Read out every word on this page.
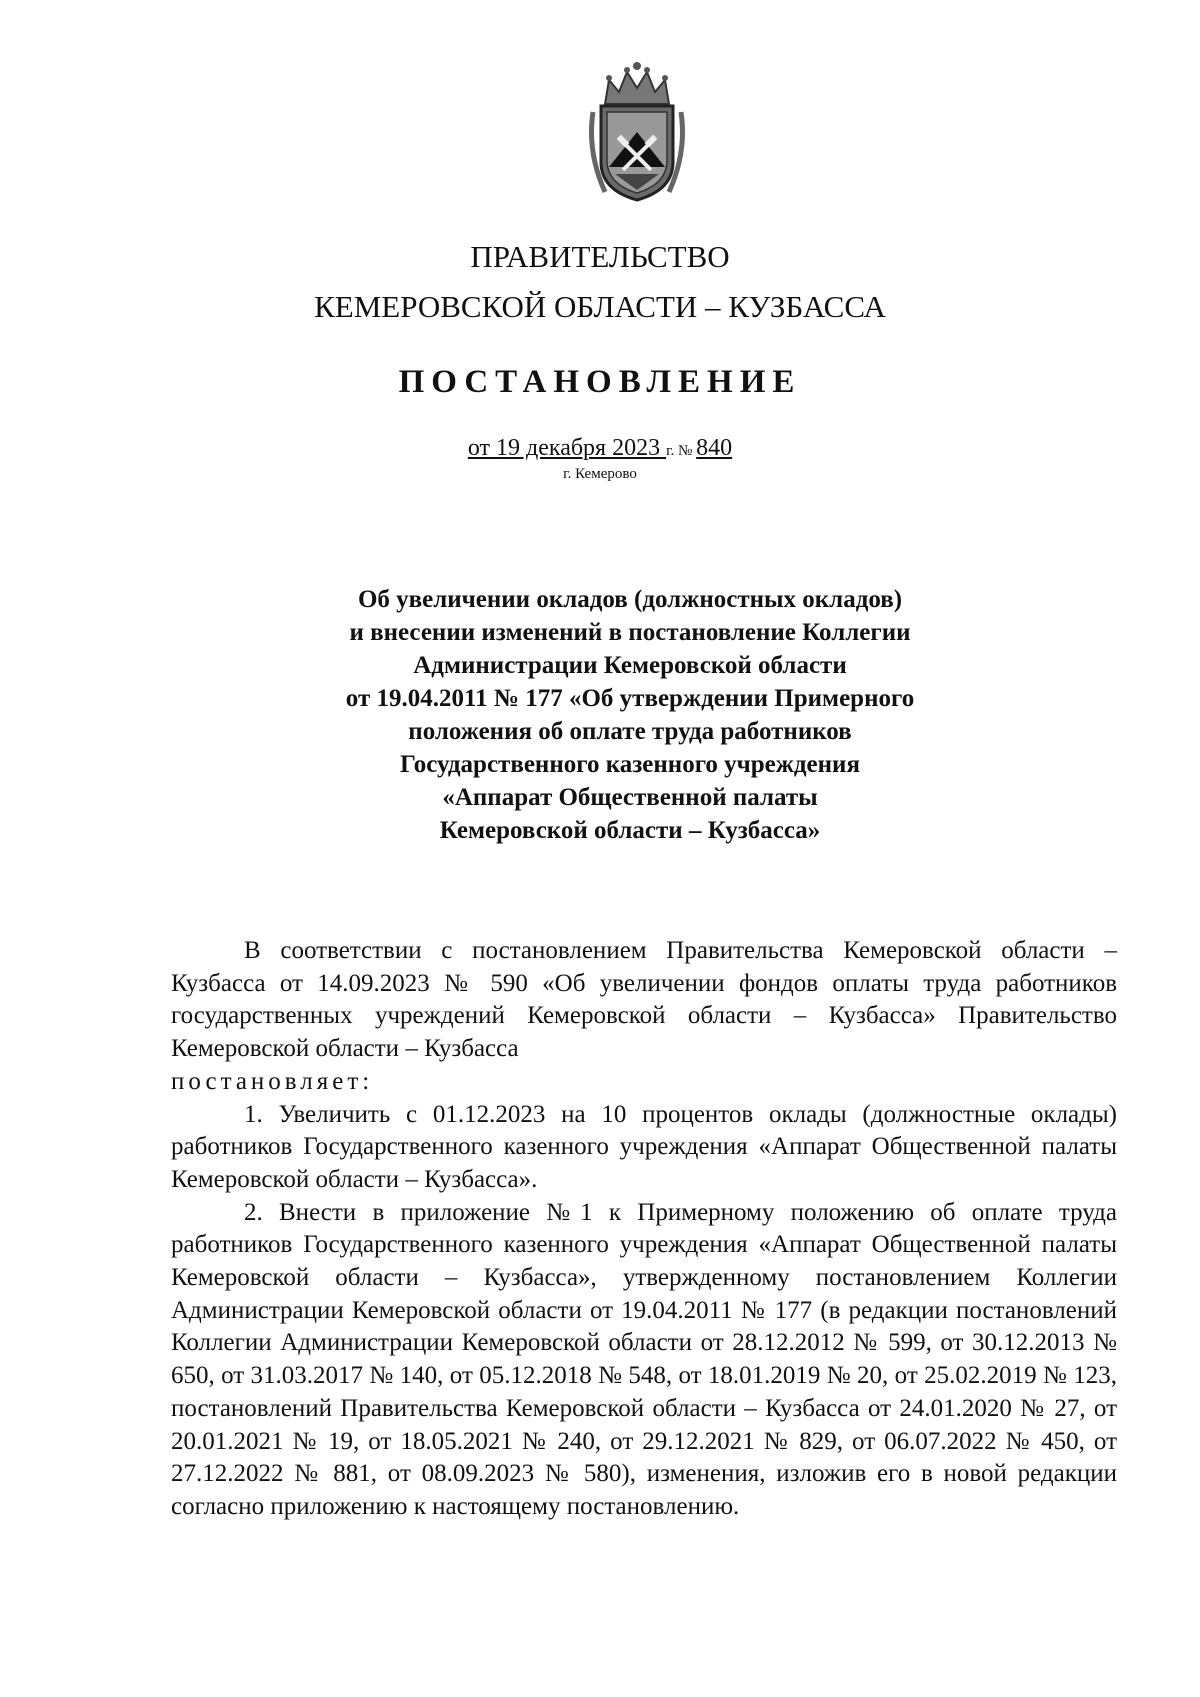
ПРАВИТЕЛЬСТВО
КЕМЕРОВСКОЙ ОБЛАСТИ – КУЗБАССА
ПОСТАНОВЛЕНИЕ
от 19 декабря 2023 г. № 840
г. Кемерово
Об увеличении окладов (должностных окладов)
и внесении изменений в постановление Коллегии
Администрации Кемеровской области
от 19.04.2011 № 177 «Об утверждении Примерного
положения об оплате труда работников
Государственного казенного учреждения
«Аппарат Общественной палаты
Кемеровской области – Кузбасса»

В соответствии с постановлением Правительства Кемеровской области – Кузбасса от 14.09.2023 № 590 «Об увеличении фондов оплаты труда работников государственных учреждений Кемеровской области – Кузбасса» Правительство Кемеровской области – Кузбасса

постановляет:

1. Увеличить с 01.12.2023 на 10 процентов оклады (должностные оклады) работников Государственного казенного учреждения «Аппарат Общественной палаты Кемеровской области – Кузбасса».

2. Внести в приложение №1 к Примерному положению об оплате труда работников Государственного казенного учреждения «Аппарат Общественной палаты Кемеровской области – Кузбасса», утвержденному постановлением Коллегии Администрации Кемеровской области от 19.04.2011 № 177 (в редакции постановлений Коллегии Администрации Кемеровской области от 28.12.2012 № 599, от 30.12.2013 № 650, от 31.03.2017 № 140, от 05.12.2018 № 548, от 18.01.2019 № 20, от 25.02.2019 № 123, постановлений Правительства Кемеровской области – Кузбасса от 24.01.2020 № 27, от 20.01.2021 № 19, от 18.05.2021 № 240, от 29.12.2021 № 829, от 06.07.2022 № 450, от 27.12.2022 № 881, от 08.09.2023 № 580), изменения, изложив его в новой редакции согласно приложению к настоящему постановлению.
